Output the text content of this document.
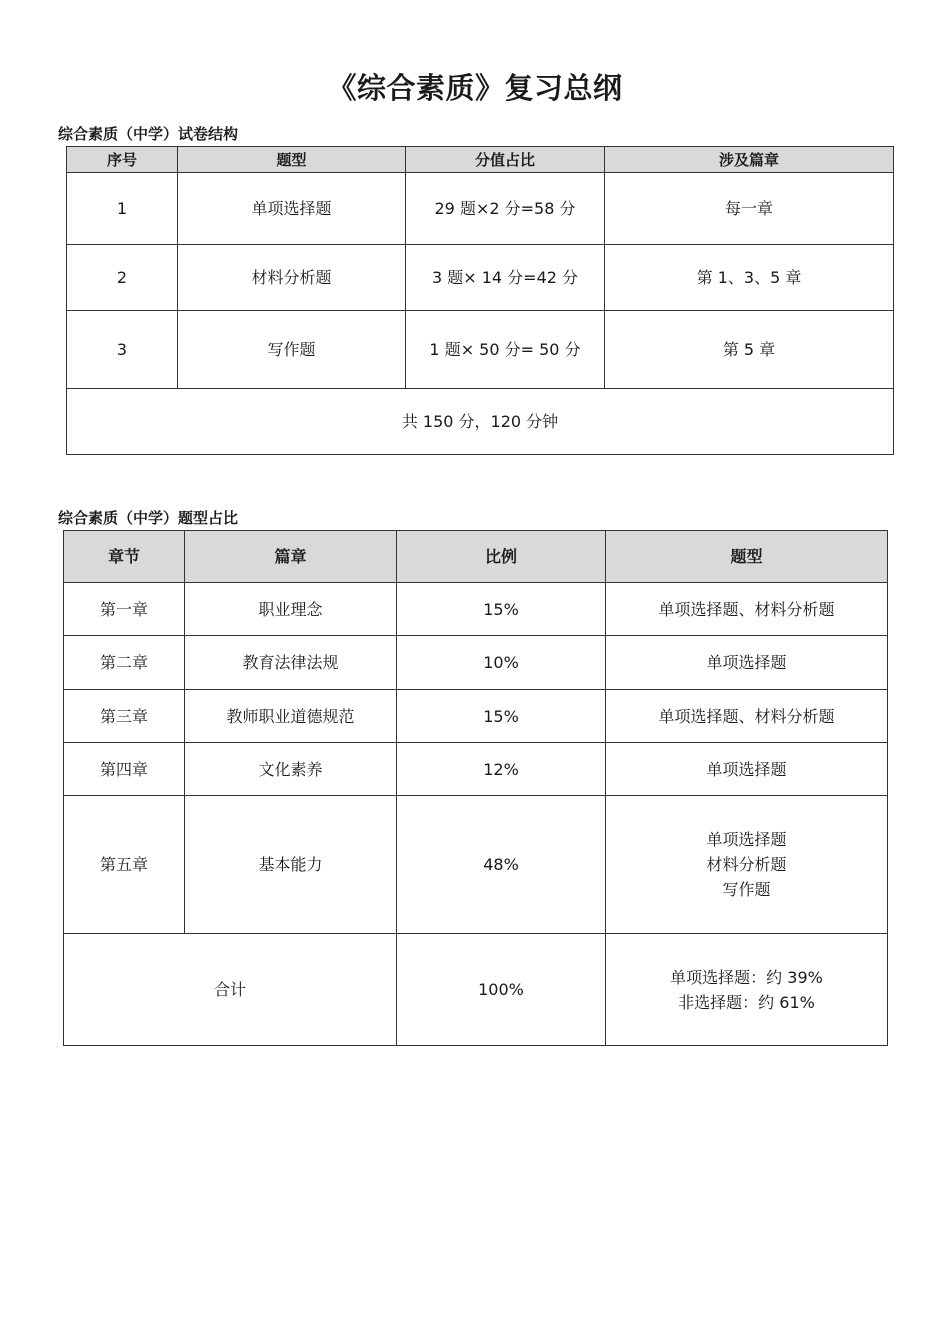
《综合素质》复习总纲
综合素质（中学）试卷结构
序号	题型	分值占比	涉及篇章
1	单项选择题	29 题×2 分=58 分	每一章
2	材料分析题	3 题× 14 分=42 分	第 1、3、5 章
3	写作题	1 题× 50 分= 50 分	第 5 章
共 150 分，120 分钟			
综合素质（中学）题型占比
章节	篇章	比例	题型
第一章	职业理念	15%	单项选择题、材料分析题
第二章	教育法律法规	10%	单项选择题
第三章	教师职业道德规范	15%	单项选择题、材料分析题
第四章	文化素养	12%	单项选择题
第五章	基本能力	48%	单项选择题
材料分析题
写作题

合计		100%	单项选择题：约 39%
非选择题：约 61%
